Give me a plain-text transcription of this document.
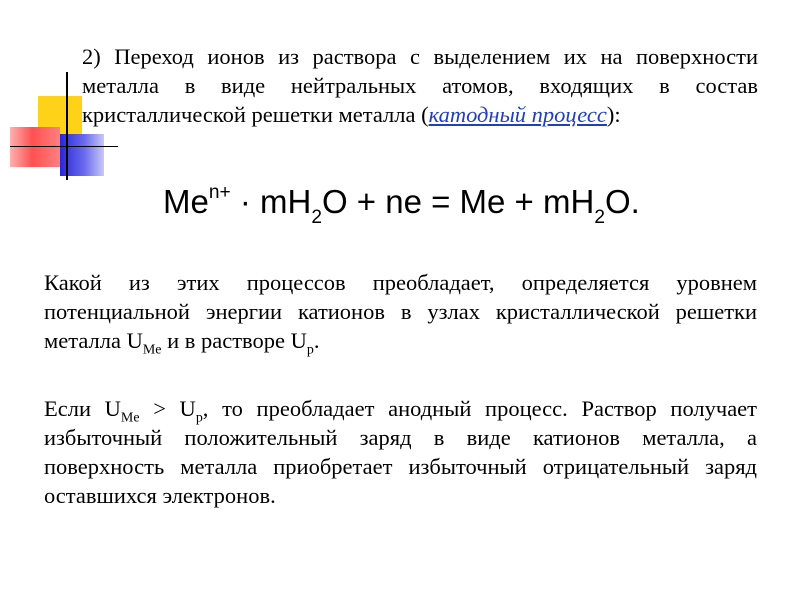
2) Переход ионов из раствора с выделением их на поверхности металла в виде нейтральных атомов, входящих в состав кристаллической решетки металла (катодный процесс):

$Me^{n+} \cdot mH_2O$ + ne = $Me + mH_2O$.

Какой из этих процессов преобладает, определяется уровнем потенциальной энергии катионов в узлах кристаллической решетки металла $U_{Me}$ и в растворе $U_p$.

Если $U_{Me} > U_p$, то преобладает анодный процесс. Раствор получает избыточный положительный заряд в виде катионов металла, а поверхность металла приобретает избыточный отрицательный заряд оставшихся электронов.
